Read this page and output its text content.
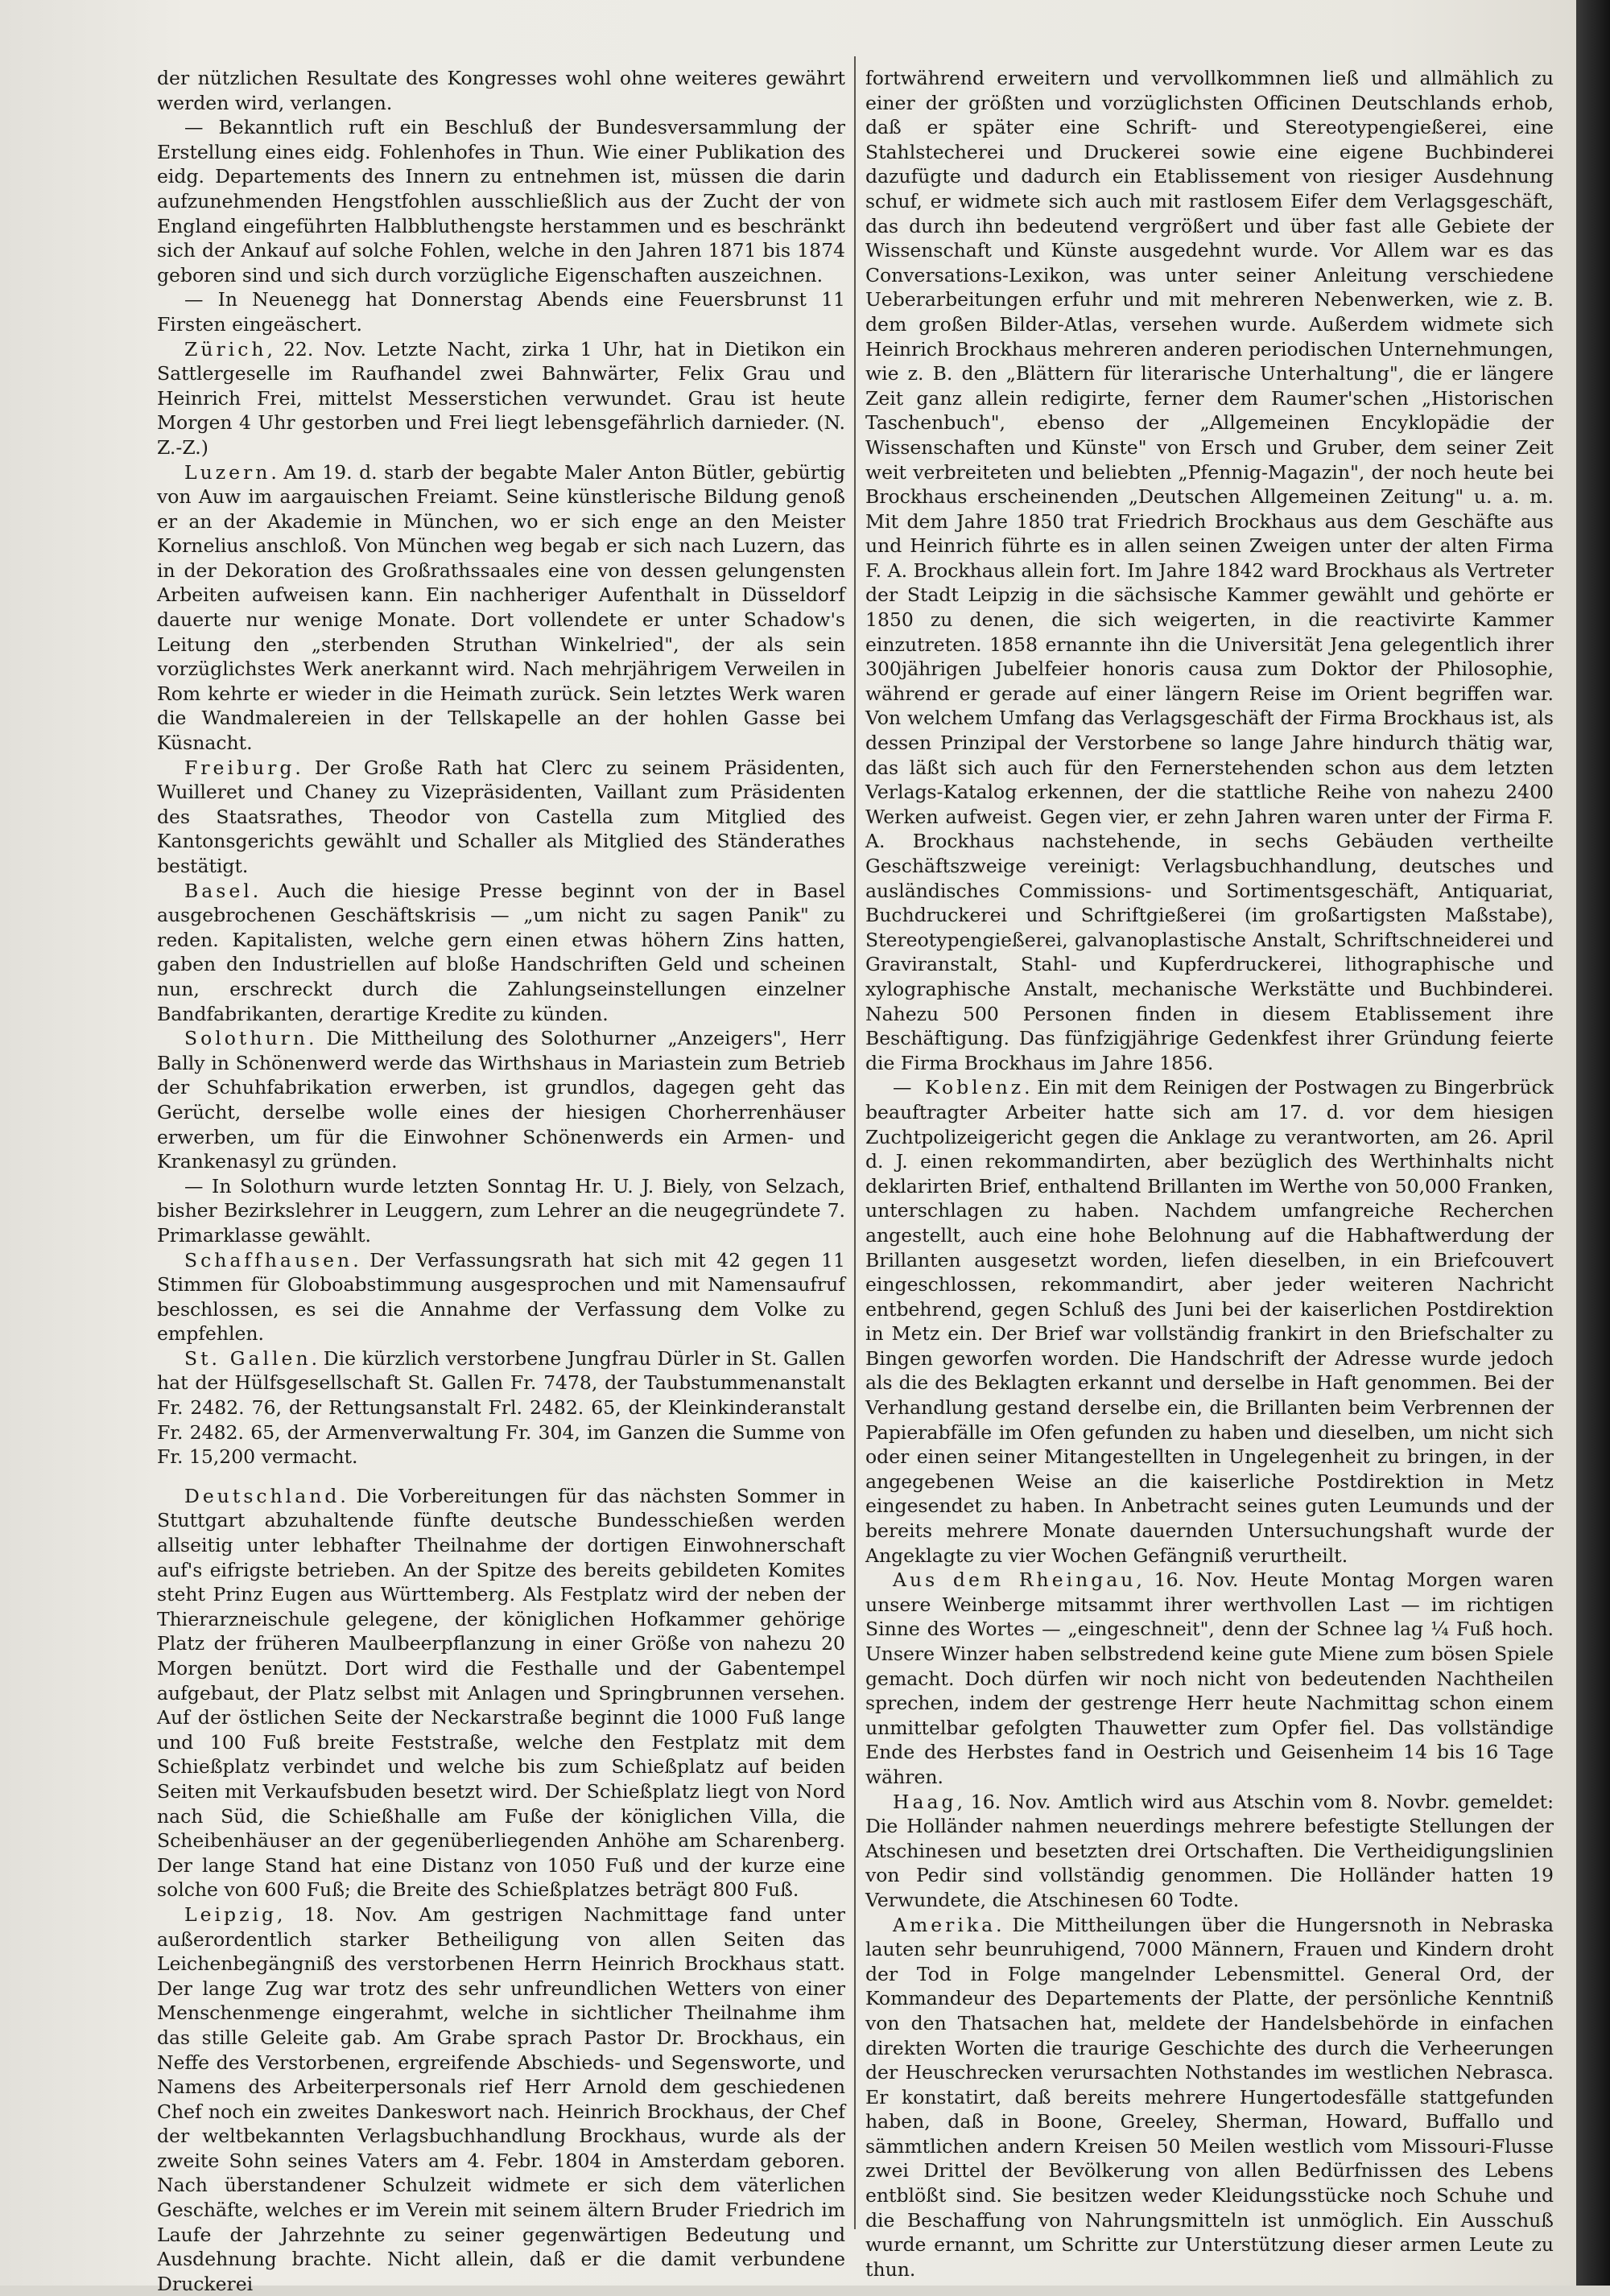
der nützlichen Resultate des Kongresses wohl ohne weiteres gewährt werden wird, verlangen.

— Bekanntlich ruft ein Beschluß der Bundesversammlung der Erstellung eines eidg. Fohlenhofes in Thun. Wie einer Publikation des eidg. Departements des Innern zu entnehmen ist, müssen die darin aufzunehmenden Hengstfohlen ausschließlich aus der Zucht der von England eingeführten Halbbluthengste herstammen und es beschränkt sich der Ankauf auf solche Fohlen, welche in den Jahren 1871 bis 1874 geboren sind und sich durch vorzügliche Eigenschaften auszeichnen.

— In Neuenegg hat Donnerstag Abends eine Feuersbrunst 11 Firsten eingeäschert.

Zürich, 22. Nov. Letzte Nacht, zirka 1 Uhr, hat in Dietikon ein Sattlergeselle im Raufhandel zwei Bahnwärter, Felix Grau und Heinrich Frei, mittelst Messerstichen verwundet. Grau ist heute Morgen 4 Uhr gestorben und Frei liegt lebensgefährlich darnieder. (N. Z.-Z.)

Luzern. Am 19. d. starb der begabte Maler Anton Bütler, gebürtig von Auw im aargauischen Freiamt. Seine künstlerische Bildung genoß er an der Akademie in München, wo er sich enge an den Meister Kornelius anschloß. Von München weg begab er sich nach Luzern, das in der Dekoration des Großrathssaales eine von dessen gelungensten Arbeiten aufweisen kann. Ein nachheriger Aufenthalt in Düsseldorf dauerte nur wenige Monate. Dort vollendete er unter Schadow's Leitung den „sterbenden Struthan Winkelried", der als sein vorzüglichstes Werk anerkannt wird. Nach mehrjährigem Verweilen in Rom kehrte er wieder in die Heimath zurück. Sein letztes Werk waren die Wandmalereien in der Tellskapelle an der hohlen Gasse bei Küsnacht.

Freiburg. Der Große Rath hat Clerc zu seinem Präsidenten, Wuilleret und Chaney zu Vizepräsidenten, Vaillant zum Präsidenten des Staatsrathes, Theodor von Castella zum Mitglied des Kantonsgerichts gewählt und Schaller als Mitglied des Ständerathes bestätigt.

Basel. Auch die hiesige Presse beginnt von der in Basel ausgebrochenen Geschäftskrisis — „um nicht zu sagen Panik" zu reden. Kapitalisten, welche gern einen etwas höhern Zins hatten, gaben den Industriellen auf bloße Handschriften Geld und scheinen nun, erschreckt durch die Zahlungseinstellungen einzelner Bandfabrikanten, derartige Kredite zu künden.

Solothurn. Die Mittheilung des Solothurner „Anzeigers", Herr Bally in Schönenwerd werde das Wirthshaus in Mariastein zum Betrieb der Schuhfabrikation erwerben, ist grundlos, dagegen geht das Gerücht, derselbe wolle eines der hiesigen Chorherrenhäuser erwerben, um für die Einwohner Schönenwerds ein Armen- und Krankenasyl zu gründen.

— In Solothurn wurde letzten Sonntag Hr. U. J. Biely, von Selzach, bisher Bezirkslehrer in Leuggern, zum Lehrer an die neugegründete 7. Primarklasse gewählt.

Schaffhausen. Der Verfassungsrath hat sich mit 42 gegen 11 Stimmen für Globoabstimmung ausgesprochen und mit Namensaufruf beschlossen, es sei die Annahme der Verfassung dem Volke zu empfehlen.

St. Gallen. Die kürzlich verstorbene Jungfrau Dürler in St. Gallen hat der Hülfsgesellschaft St. Gallen Fr. 7478, der Taubstummenanstalt Fr. 2482. 76, der Rettungsanstalt Frl. 2482. 65, der Kleinkinderanstalt Fr. 2482. 65, der Armenverwaltung Fr. 304, im Ganzen die Summe von Fr. 15,200 vermacht.

Deutschland. Die Vorbereitungen für das nächsten Sommer in Stuttgart abzuhaltende fünfte deutsche Bundesschießen werden allseitig unter lebhafter Theilnahme der dortigen Einwohnerschaft auf's eifrigste betrieben. An der Spitze des bereits gebildeten Komites steht Prinz Eugen aus Württemberg. Als Festplatz wird der neben der Thierarzneischule gelegene, der königlichen Hofkammer gehörige Platz der früheren Maulbeerpflanzung in einer Größe von nahezu 20 Morgen benützt. Dort wird die Festhalle und der Gabentempel aufgebaut, der Platz selbst mit Anlagen und Springbrunnen versehen. Auf der östlichen Seite der Neckarstraße beginnt die 1000 Fuß lange und 100 Fuß breite Feststraße, welche den Festplatz mit dem Schießplatz verbindet und welche bis zum Schießplatz auf beiden Seiten mit Verkaufsbuden besetzt wird. Der Schießplatz liegt von Nord nach Süd, die Schießhalle am Fuße der königlichen Villa, die Scheibenhäuser an der gegenüberliegenden Anhöhe am Scharenberg. Der lange Stand hat eine Distanz von 1050 Fuß und der kurze eine solche von 600 Fuß; die Breite des Schießplatzes beträgt 800 Fuß.

Leipzig, 18. Nov. Am gestrigen Nachmittage fand unter außerordentlich starker Betheiligung von allen Seiten das Leichenbegängniß des verstorbenen Herrn Heinrich Brockhaus statt. Der lange Zug war trotz des sehr unfreundlichen Wetters von einer Menschenmenge eingerahmt, welche in sichtlicher Theilnahme ihm das stille Geleite gab. Am Grabe sprach Pastor Dr. Brockhaus, ein Neffe des Verstorbenen, ergreifende Abschieds- und Segensworte, und Namens des Arbeiterpersonals rief Herr Arnold dem geschiedenen Chef noch ein zweites Dankeswort nach. Heinrich Brockhaus, der Chef der weltbekannten Verlagsbuchhandlung Brockhaus, wurde als der zweite Sohn seines Vaters am 4. Febr. 1804 in Amsterdam geboren. Nach überstandener Schulzeit widmete er sich dem väterlichen Geschäfte, welches er im Verein mit seinem ältern Bruder Friedrich im Laufe der Jahrzehnte zu seiner gegenwärtigen Bedeutung und Ausdehnung brachte. Nicht allein, daß er die damit verbundene Druckerei

fortwährend erweitern und vervollkommnen ließ und allmählich zu einer der größten und vorzüglichsten Officinen Deutschlands erhob, daß er später eine Schrift- und Stereotypengießerei, eine Stahlstecherei und Druckerei sowie eine eigene Buchbinderei dazufügte und dadurch ein Etablissement von riesiger Ausdehnung schuf, er widmete sich auch mit rastlosem Eifer dem Verlagsgeschäft, das durch ihn bedeutend vergrößert und über fast alle Gebiete der Wissenschaft und Künste ausgedehnt wurde. Vor Allem war es das Conversations-Lexikon, was unter seiner Anleitung verschiedene Ueberarbeitungen erfuhr und mit mehreren Nebenwerken, wie z. B. dem großen Bilder-Atlas, versehen wurde. Außerdem widmete sich Heinrich Brockhaus mehreren anderen periodischen Unternehmungen, wie z. B. den „Blättern für literarische Unterhaltung", die er längere Zeit ganz allein redigirte, ferner dem Raumer'schen „Historischen Taschenbuch", ebenso der „Allgemeinen Encyklopädie der Wissenschaften und Künste" von Ersch und Gruber, dem seiner Zeit weit verbreiteten und beliebten „Pfennig-Magazin", der noch heute bei Brockhaus erscheinenden „Deutschen Allgemeinen Zeitung" u. a. m. Mit dem Jahre 1850 trat Friedrich Brockhaus aus dem Geschäfte aus und Heinrich führte es in allen seinen Zweigen unter der alten Firma F. A. Brockhaus allein fort. Im Jahre 1842 ward Brockhaus als Vertreter der Stadt Leipzig in die sächsische Kammer gewählt und gehörte er 1850 zu denen, die sich weigerten, in die reactivirte Kammer einzutreten. 1858 ernannte ihn die Universität Jena gelegentlich ihrer 300jährigen Jubelfeier honoris causa zum Doktor der Philosophie, während er gerade auf einer längern Reise im Orient begriffen war. Von welchem Umfang das Verlagsgeschäft der Firma Brockhaus ist, als dessen Prinzipal der Verstorbene so lange Jahre hindurch thätig war, das läßt sich auch für den Fernerstehenden schon aus dem letzten Verlags-Katalog erkennen, der die stattliche Reihe von nahezu 2400 Werken aufweist. Gegen vier, er zehn Jahren waren unter der Firma F. A. Brockhaus nachstehende, in sechs Gebäuden vertheilte Geschäftszweige vereinigt: Verlagsbuchhandlung, deutsches und ausländisches Commissions- und Sortimentsgeschäft, Antiquariat, Buchdruckerei und Schriftgießerei (im großartigsten Maßstabe), Stereotypengießerei, galvanoplastische Anstalt, Schriftschneiderei und Graviranstalt, Stahl- und Kupferdruckerei, lithographische und xylographische Anstalt, mechanische Werkstätte und Buchbinderei. Nahezu 500 Personen finden in diesem Etablissement ihre Beschäftigung. Das fünfzigjährige Gedenkfest ihrer Gründung feierte die Firma Brockhaus im Jahre 1856.

— Koblenz. Ein mit dem Reinigen der Postwagen zu Bingerbrück beauftragter Arbeiter hatte sich am 17. d. vor dem hiesigen Zuchtpolizeigericht gegen die Anklage zu verantworten, am 26. April d. J. einen rekommandirten, aber bezüglich des Werthinhalts nicht deklarirten Brief, enthaltend Brillanten im Werthe von 50,000 Franken, unterschlagen zu haben. Nachdem umfangreiche Recherchen angestellt, auch eine hohe Belohnung auf die Habhaftwerdung der Brillanten ausgesetzt worden, liefen dieselben, in ein Briefcouvert eingeschlossen, rekommandirt, aber jeder weiteren Nachricht entbehrend, gegen Schluß des Juni bei der kaiserlichen Postdirektion in Metz ein. Der Brief war vollständig frankirt in den Briefschalter zu Bingen geworfen worden. Die Handschrift der Adresse wurde jedoch als die des Beklagten erkannt und derselbe in Haft genommen. Bei der Verhandlung gestand derselbe ein, die Brillanten beim Verbrennen der Papierabfälle im Ofen gefunden zu haben und dieselben, um nicht sich oder einen seiner Mitangestellten in Ungelegenheit zu bringen, in der angegebenen Weise an die kaiserliche Postdirektion in Metz eingesendet zu haben. In Anbetracht seines guten Leumunds und der bereits mehrere Monate dauernden Untersuchungshaft wurde der Angeklagte zu vier Wochen Gefängniß verurtheilt.

Aus dem Rheingau, 16. Nov. Heute Montag Morgen waren unsere Weinberge mitsammt ihrer werthvollen Last — im richtigen Sinne des Wortes — „eingeschneit", denn der Schnee lag ¼ Fuß hoch. Unsere Winzer haben selbstredend keine gute Miene zum bösen Spiele gemacht. Doch dürfen wir noch nicht von bedeutenden Nachtheilen sprechen, indem der gestrenge Herr heute Nachmittag schon einem unmittelbar gefolgten Thauwetter zum Opfer fiel. Das vollständige Ende des Herbstes fand in Oestrich und Geisenheim 14 bis 16 Tage währen.

Haag, 16. Nov. Amtlich wird aus Atschin vom 8. Novbr. gemeldet: Die Holländer nahmen neuerdings mehrere befestigte Stellungen der Atschinesen und besetzten drei Ortschaften. Die Vertheidigungslinien von Pedir sind vollständig genommen. Die Holländer hatten 19 Verwundete, die Atschinesen 60 Todte.

Amerika. Die Mittheilungen über die Hungersnoth in Nebraska lauten sehr beunruhigend, 7000 Männern, Frauen und Kindern droht der Tod in Folge mangelnder Lebensmittel. General Ord, der Kommandeur des Departements der Platte, der persönliche Kenntniß von den Thatsachen hat, meldete der Handelsbehörde in einfachen direkten Worten die traurige Geschichte des durch die Verheerungen der Heuschrecken verursachten Nothstandes im westlichen Nebrasca. Er konstatirt, daß bereits mehrere Hungertodesfälle stattgefunden haben, daß in Boone, Greeley, Sherman, Howard, Buffallo und sämmtlichen andern Kreisen 50 Meilen westlich vom Missouri-Flusse zwei Drittel der Bevölkerung von allen Bedürfnissen des Lebens entblößt sind. Sie besitzen weder Kleidungsstücke noch Schuhe und die Beschaffung von Nahrungsmitteln ist unmöglich. Ein Ausschuß wurde ernannt, um Schritte zur Unterstützung dieser armen Leute zu thun.
